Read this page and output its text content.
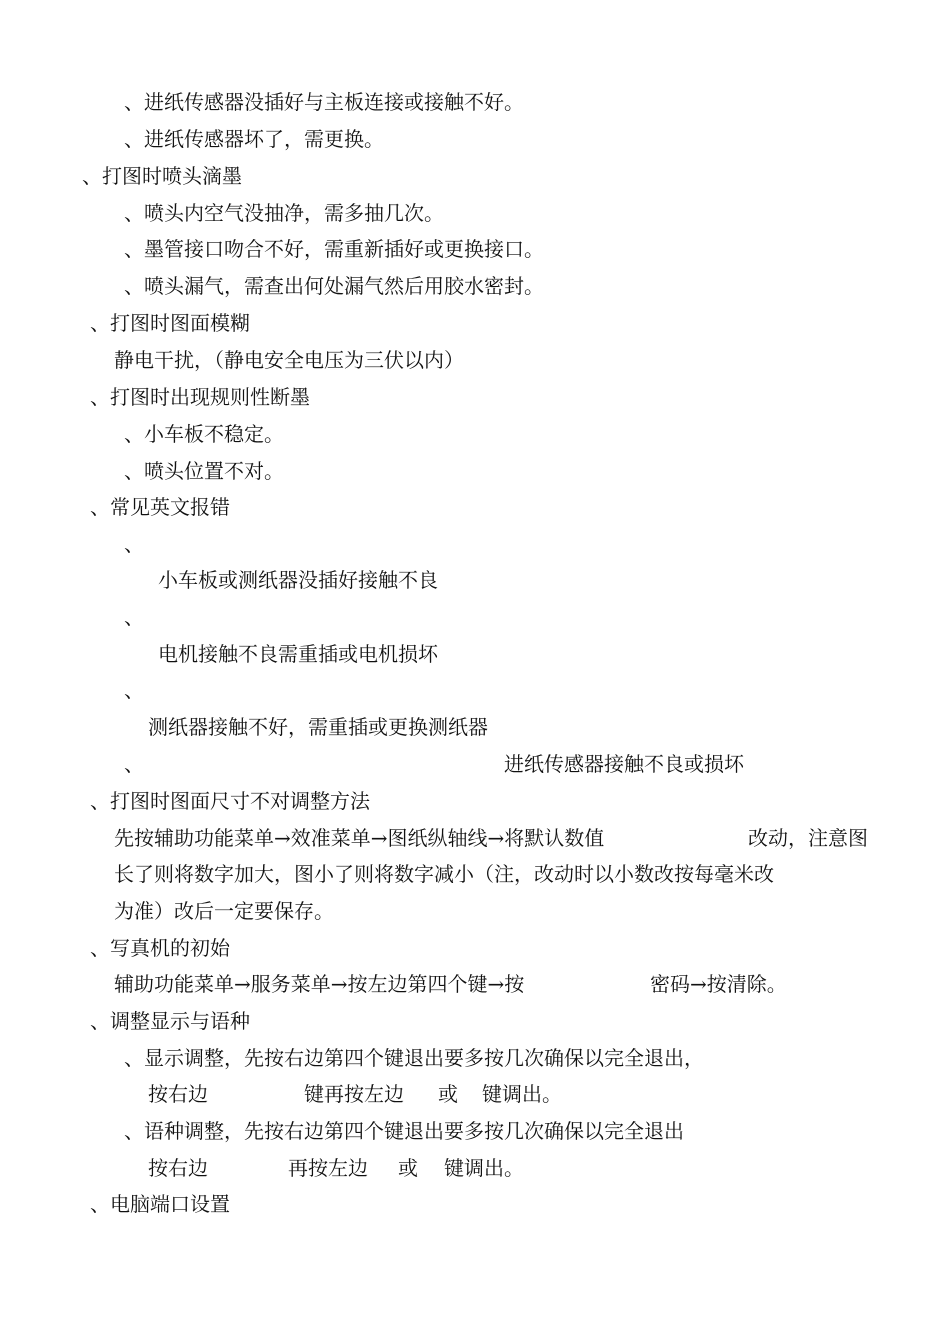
、进纸传感器没插好与主板连接或接触不好。
、进纸传感器坏了，需更换。
、打图时喷头滴墨
、喷头内空气没抽净，需多抽几次。
、墨管接口吻合不好，需重新插好或更换接口。
、喷头漏气，需查出何处漏气然后用胶水密封。
、打图时图面模糊
静电干扰，（静电安全电压为三伏以内）
、打图时出现规则性断墨
、小车板不稳定。
、喷头位置不对。
、常见英文报错
、
小车板或测纸器没插好接触不良
、
电机接触不良需重插或电机损坏
、
测纸器接触不好，需重插或更换测纸器
、	进纸传感器接触不良或损坏
、打图时图面尺寸不对调整方法
先按辅助功能菜单→效准菜单→图纸纵轴线→将默认数值	改动，注意图
长了则将数字加大，图小了则将数字减小（注，改动时以小数改按每毫米改
为准）改后一定要保存。
、写真机的初始
辅助功能菜单→服务菜单→按左边第四个键→按	密码→按清除。
、调整显示与语种
、显示调整，先按右边第四个键退出要多按几次确保以完全退出，
按右边	键再按左边 或 键调出。
、语种调整，先按右边第四个键退出要多按几次确保以完全退出
按右边	再按左边 或 键调出。
、电脑端口设置
